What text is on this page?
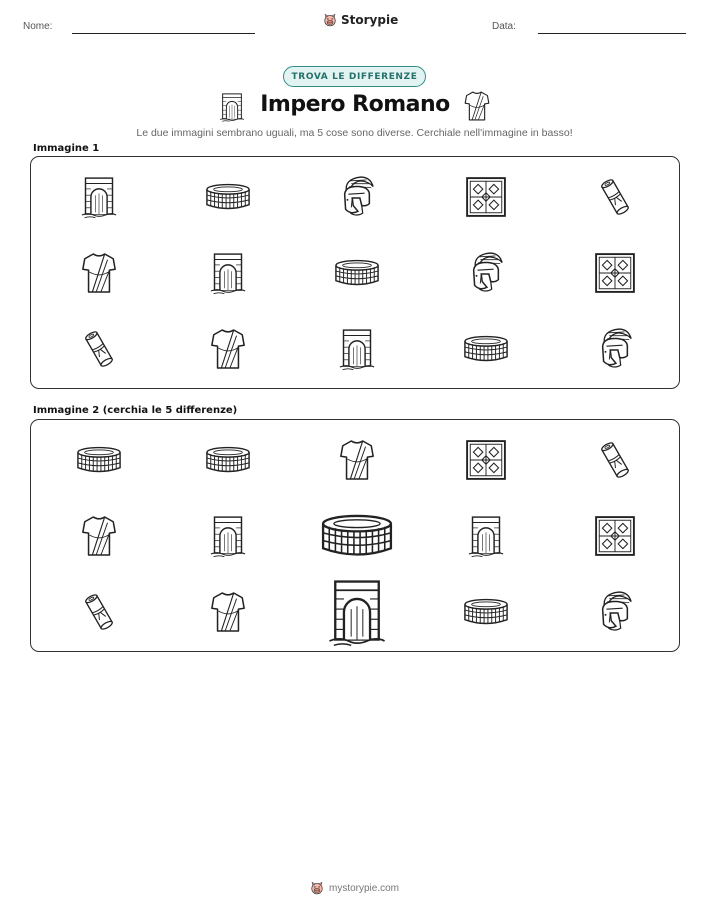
Nome:	Storypie	Data:
TROVA LE DIFFERENZE
Impero Romano
Le due immagini sembrano uguali, ma 5 cose sono diverse. Cerchiale nell'immagine in basso!
Immagine 1
Immagine 2 (cerchia le 5 differenze)
mystorypie.com
